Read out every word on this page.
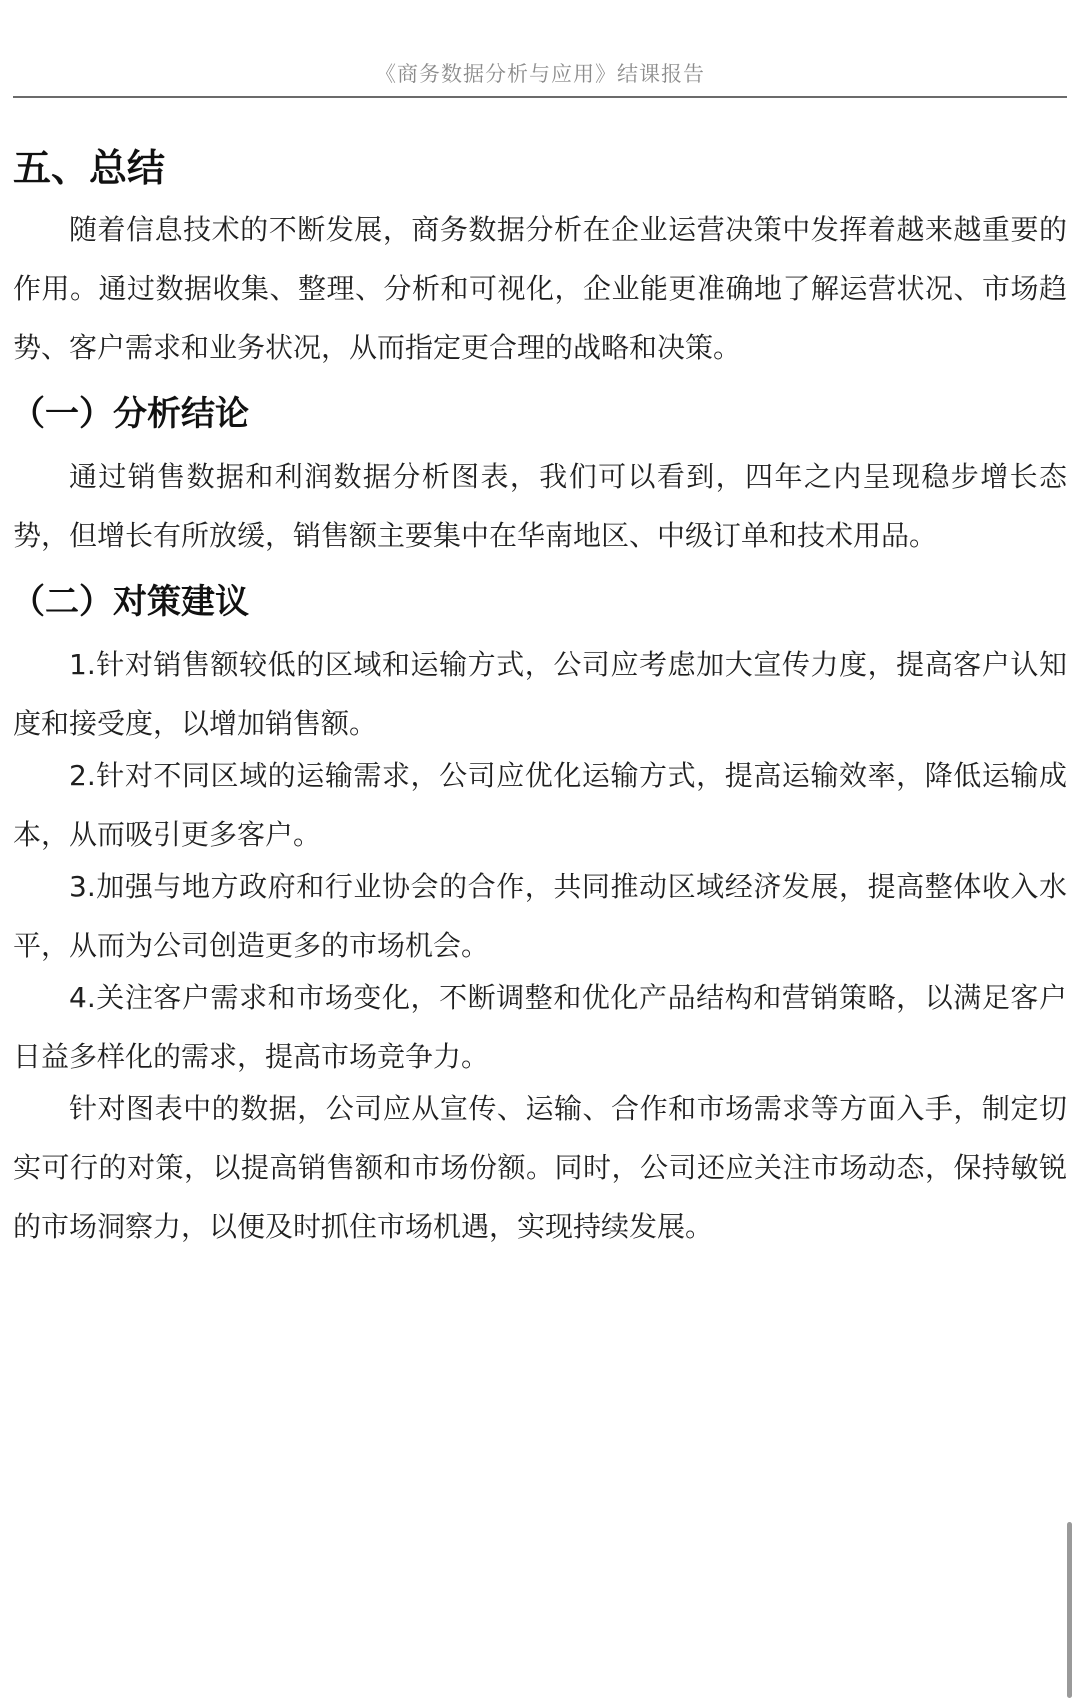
《商务数据分析与应用》结课报告
五、总结

随着信息技术的不断发展，商务数据分析在企业运营决策中发挥着越来越重要的作用。通过数据收集、整理、分析和可视化，企业能更准确地了解运营状况、市场趋势、客户需求和业务状况，从而指定更合理的战略和决策。

（一）分析结论

通过销售数据和利润数据分析图表，我们可以看到，四年之内呈现稳步增长态势，但增长有所放缓，销售额主要集中在华南地区、中级订单和技术用品。

（二）对策建议

1.针对销售额较低的区域和运输方式，公司应考虑加大宣传力度，提高客户认知度和接受度，以增加销售额。

2.针对不同区域的运输需求，公司应优化运输方式，提高运输效率，降低运输成本，从而吸引更多客户。

3.加强与地方政府和行业协会的合作，共同推动区域经济发展，提高整体收入水平，从而为公司创造更多的市场机会。

4.关注客户需求和市场变化，不断调整和优化产品结构和营销策略，以满足客户日益多样化的需求，提高市场竞争力。

针对图表中的数据，公司应从宣传、运输、合作和市场需求等方面入手，制定切实可行的对策，以提高销售额和市场份额。同时，公司还应关注市场动态，保持敏锐的市场洞察力，以便及时抓住市场机遇，实现持续发展。
